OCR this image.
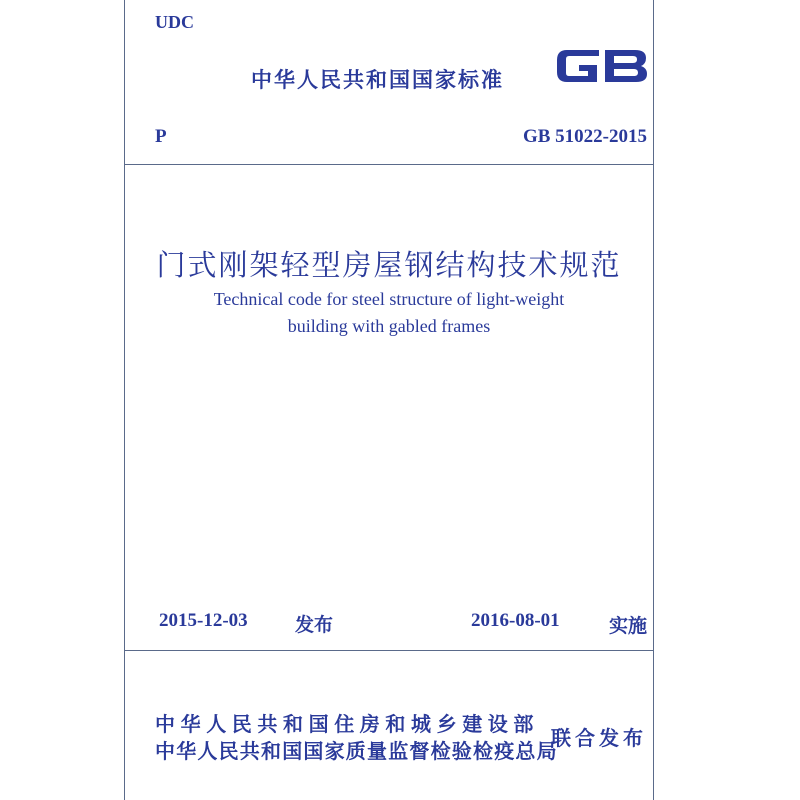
UDC
中华人民共和国国家标准
P	GB 51022-2015
门式刚架轻型房屋钢结构技术规范
Technical code for steel structure of light-weight
building with gabled frames
2015-12-03 发布	2016-08-01	实施
中华人民共和国住房和城乡建设部
中华人民共和国国家质量监督检验检疫总局
联合发布
